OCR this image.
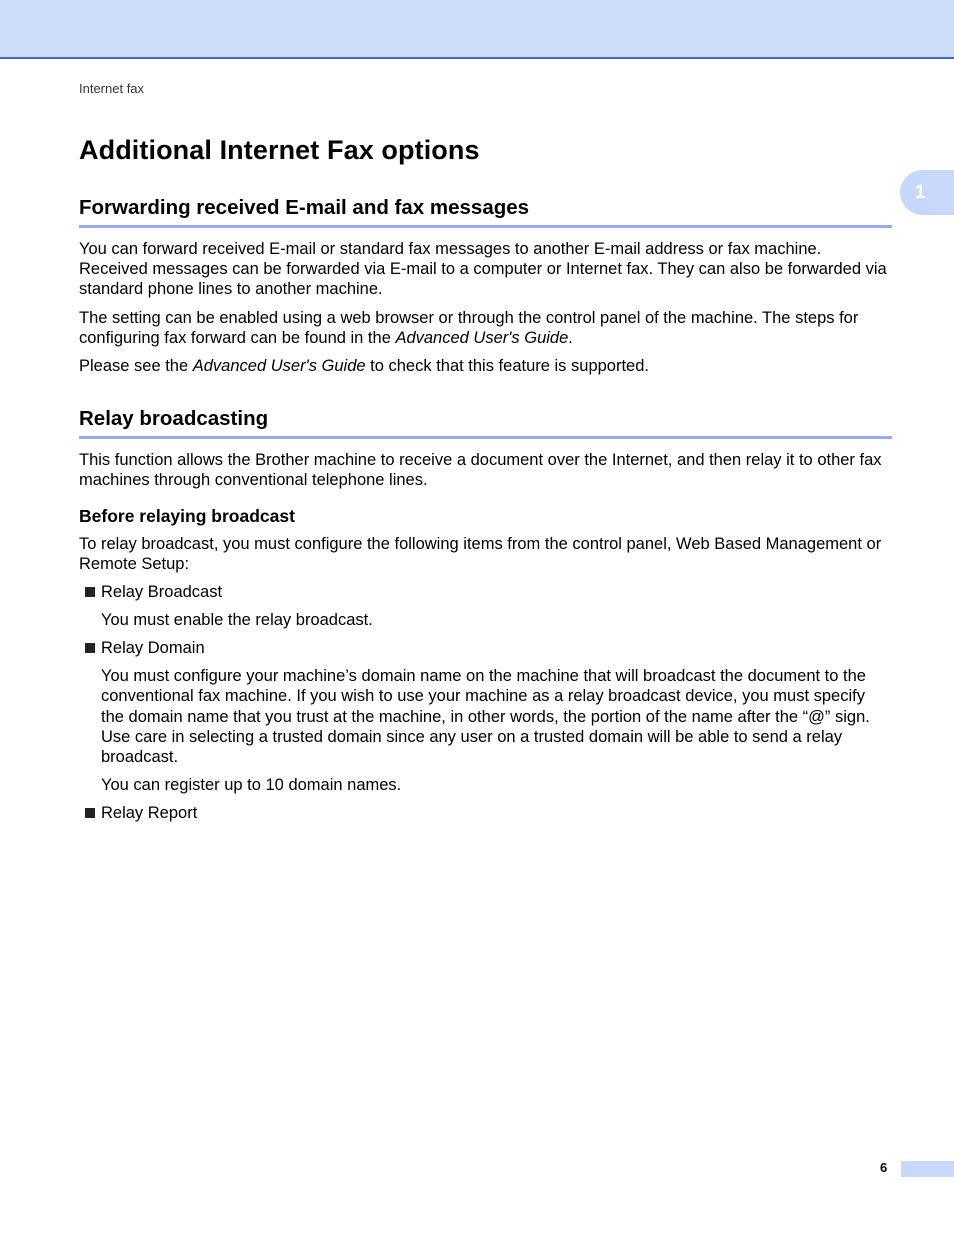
Internet fax
1
Additional Internet Fax options
Forwarding received E-mail and fax messages

You can forward received E-mail or standard fax messages to another E-mail address or fax machine. Received messages can be forwarded via E-mail to a computer or Internet fax. They can also be forwarded via standard phone lines to another machine.

The setting can be enabled using a web browser or through the control panel of the machine. The steps for configuring fax forward can be found in the Advanced User's Guide.

Please see the Advanced User's Guide to check that this feature is supported.

Relay broadcasting

This function allows the Brother machine to receive a document over the Internet, and then relay it to other fax machines through conventional telephone lines.

Before relaying broadcast

To relay broadcast, you must configure the following items from the control panel, Web Based Management or Remote Setup:

Relay Broadcast

You must enable the relay broadcast.

Relay Domain

You must configure your machine’s domain name on the machine that will broadcast the document to the conventional fax machine. If you wish to use your machine as a relay broadcast device, you must specify the domain name that you trust at the machine, in other words, the portion of the name after the “@” sign. Use care in selecting a trusted domain since any user on a trusted domain will be able to send a relay broadcast.

You can register up to 10 domain names.

Relay Report
6
